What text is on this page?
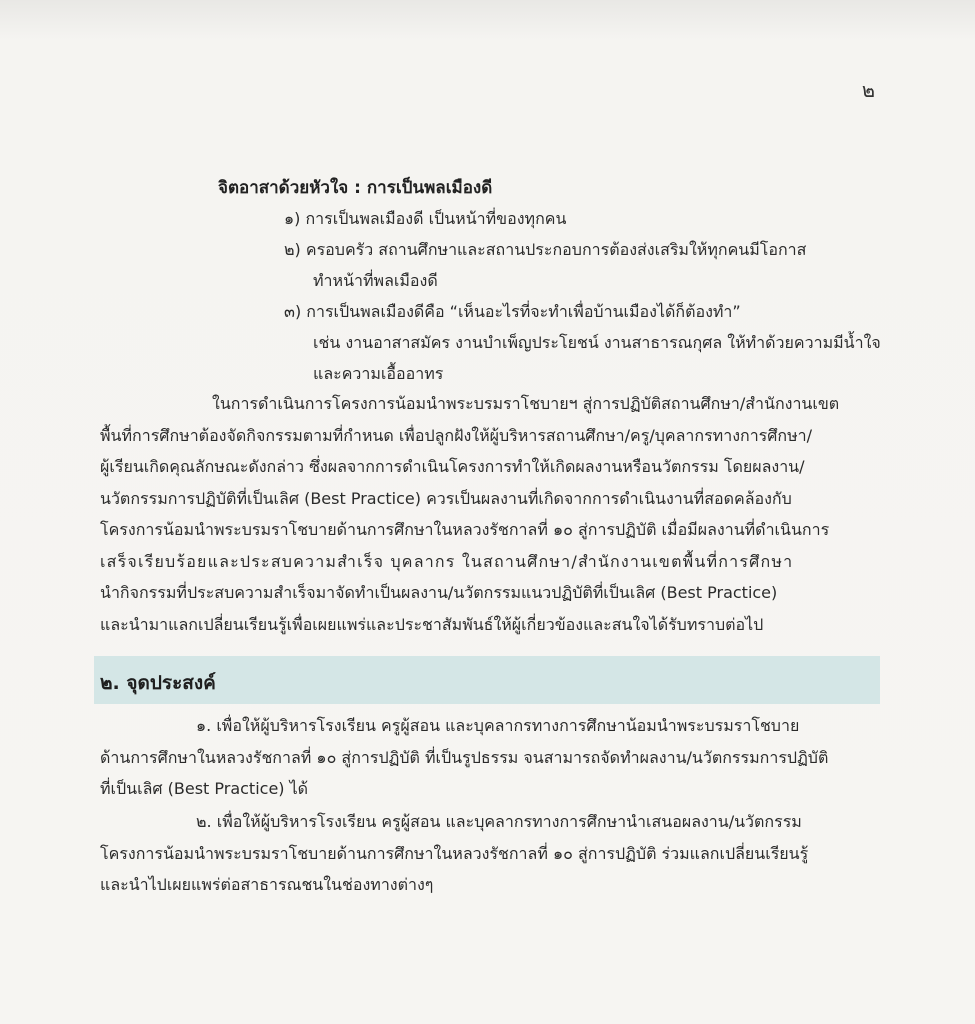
๒
จิตอาสาด้วยหัวใจ : การเป็นพลเมืองดี
๑) การเป็นพลเมืองดี เป็นหน้าที่ของทุกคน
๒) ครอบครัว สถานศึกษาและสถานประกอบการต้องส่งเสริมให้ทุกคนมีโอกาส
ทำหน้าที่พลเมืองดี
๓) การเป็นพลเมืองดีคือ “เห็นอะไรที่จะทำเพื่อบ้านเมืองได้ก็ต้องทำ”
เช่น งานอาสาสมัคร งานบำเพ็ญประโยชน์ งานสาธารณกุศล ให้ทำด้วยความมีน้ำใจ
และความเอื้ออาทร
ในการดำเนินการโครงการน้อมนำพระบรมราโชบายฯ สู่การปฏิบัติสถานศึกษา/สำนักงานเขต
พื้นที่การศึกษาต้องจัดกิจกรรมตามที่กำหนด เพื่อปลูกฝังให้ผู้บริหารสถานศึกษา/ครู/บุคลากรทางการศึกษา/
ผู้เรียนเกิดคุณลักษณะดังกล่าว ซึ่งผลจากการดำเนินโครงการทำให้เกิดผลงานหรือนวัตกรรม โดยผลงาน/
นวัตกรรมการปฏิบัติที่เป็นเลิศ (Best Practice) ควรเป็นผลงานที่เกิดจากการดำเนินงานที่สอดคล้องกับ
โครงการน้อมนำพระบรมราโชบายด้านการศึกษาในหลวงรัชกาลที่ ๑๐ สู่การปฏิบัติ เมื่อมีผลงานที่ดำเนินการ
เสร็จเรียบร้อยและประสบความสำเร็จ บุคลากร ในสถานศึกษา/สำนักงานเขตพื้นที่การศึกษา
นำกิจกรรมที่ประสบความสำเร็จมาจัดทำเป็นผลงาน/นวัตกรรมแนวปฏิบัติที่เป็นเลิศ (Best Practice)
และนำมาแลกเปลี่ยนเรียนรู้เพื่อเผยแพร่และประชาสัมพันธ์ให้ผู้เกี่ยวข้องและสนใจได้รับทราบต่อไป
๒. จุดประสงค์
๑. เพื่อให้ผู้บริหารโรงเรียน ครูผู้สอน และบุคลากรทางการศึกษาน้อมนำพระบรมราโชบาย
ด้านการศึกษาในหลวงรัชกาลที่ ๑๐ สู่การปฏิบัติ ที่เป็นรูปธรรม จนสามารถจัดทำผลงาน/นวัตกรรมการปฏิบัติ
ที่เป็นเลิศ (Best Practice) ได้
๒. เพื่อให้ผู้บริหารโรงเรียน ครูผู้สอน และบุคลากรทางการศึกษานำเสนอผลงาน/นวัตกรรม
โครงการน้อมนำพระบรมราโชบายด้านการศึกษาในหลวงรัชกาลที่ ๑๐ สู่การปฏิบัติ ร่วมแลกเปลี่ยนเรียนรู้
และนำไปเผยแพร่ต่อสาธารณชนในช่องทางต่างๆ
